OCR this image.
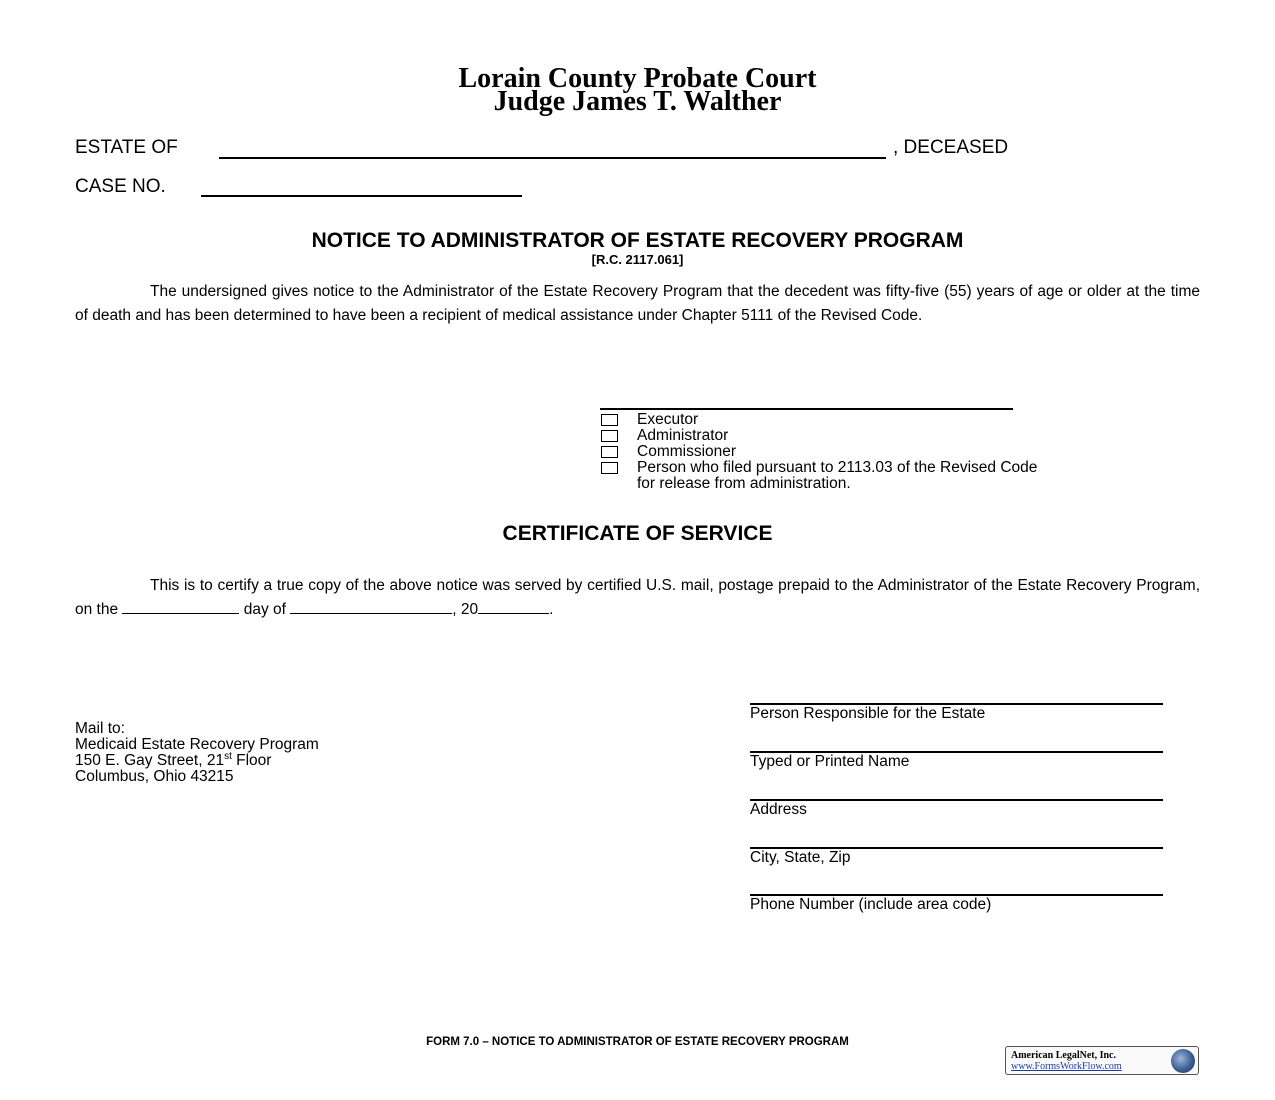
Lorain County Probate Court
Judge James T. Walther
ESTATE OF	, DECEASED
CASE NO.
NOTICE TO ADMINISTRATOR OF ESTATE RECOVERY PROGRAM
[R.C. 2117.061]
The undersigned gives notice to the Administrator of the Estate Recovery Program that the decedent was fifty-five (55) years of age or older at the time of death and has been determined to have been a recipient of medical assistance under Chapter 5111 of the Revised Code.
Executor
Administrator
Commissioner
Person who filed pursuant to 2113.03 of the Revised Code
for release from administration.
CERTIFICATE OF SERVICE
This is to certify a true copy of the above notice was served by certified U.S. mail, postage prepaid to the Administrator of the Estate Recovery Program, on the	day of	, 20	.
Mail to:
Medicaid Estate Recovery Program
150 E. Gay Street, 21st Floor
Columbus, Ohio 43215
Person Responsible for the Estate
Typed or Printed Name
Address
City, State, Zip
Phone Number (include area code)
FORM 7.0 – NOTICE TO ADMINISTRATOR OF ESTATE RECOVERY PROGRAM
American LegalNet, Inc.
www.FormsWorkFlow.com
